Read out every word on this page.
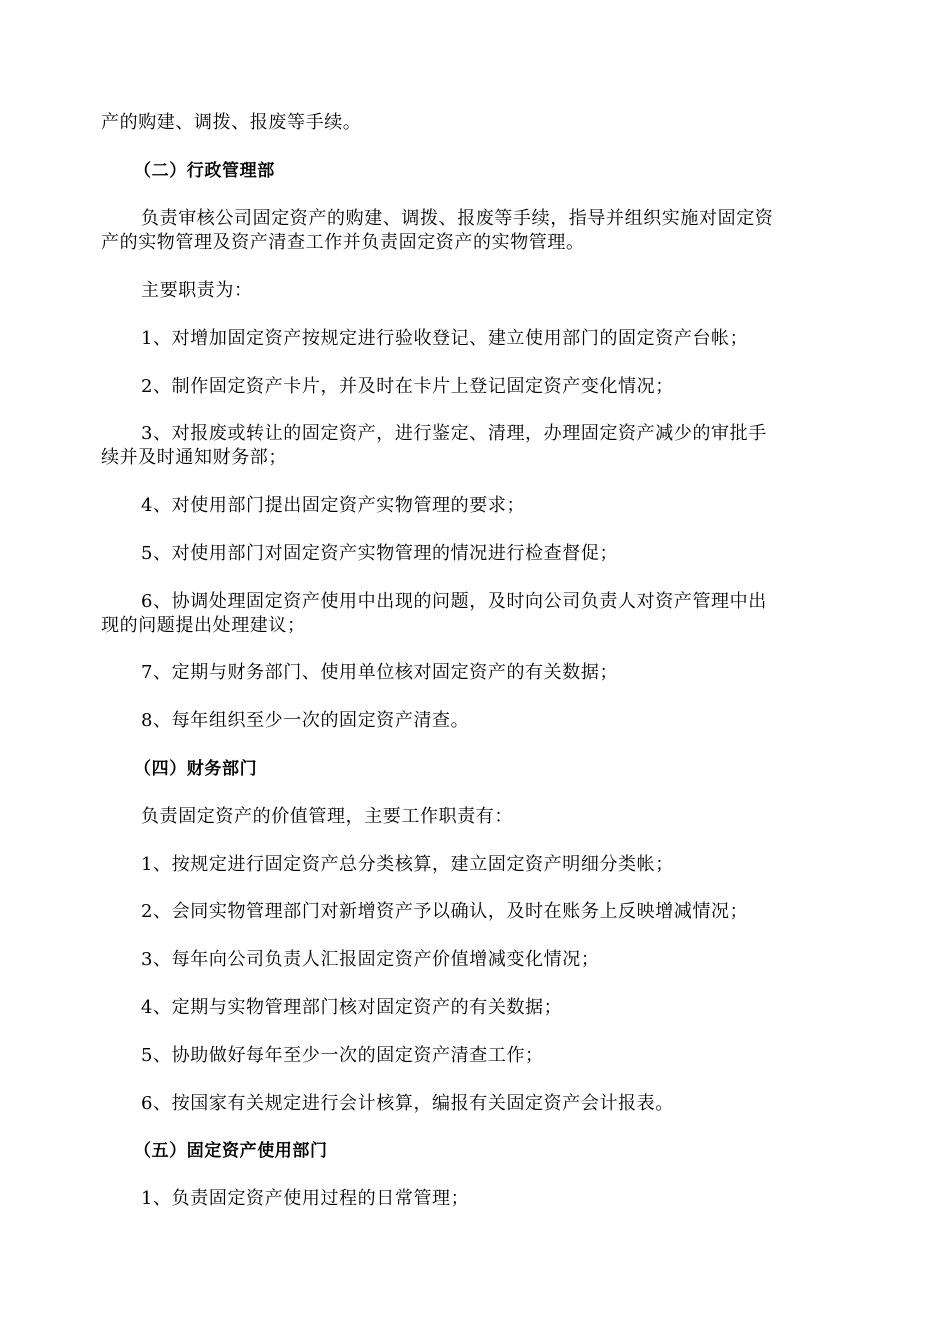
产的购建、调拨、报废等手续。
（二）行政管理部
负责审核公司固定资产的购建、调拨、报废等手续，指导并组织实施对固定资
产的实物管理及资产清查工作并负责固定资产的实物管理。
主要职责为：
1、对增加固定资产按规定进行验收登记、建立使用部门的固定资产台帐；
2、制作固定资产卡片，并及时在卡片上登记固定资产变化情况；
3、对报废或转让的固定资产，进行鉴定、清理，办理固定资产减少的审批手
续并及时通知财务部；
4、对使用部门提出固定资产实物管理的要求；
5、对使用部门对固定资产实物管理的情况进行检查督促；
6、协调处理固定资产使用中出现的问题，及时向公司负责人对资产管理中出
现的问题提出处理建议；
7、定期与财务部门、使用单位核对固定资产的有关数据；
8、每年组织至少一次的固定资产清查。
（四）财务部门
负责固定资产的价值管理，主要工作职责有：
1、按规定进行固定资产总分类核算，建立固定资产明细分类帐；
2、会同实物管理部门对新增资产予以确认，及时在账务上反映增减情况；
3、每年向公司负责人汇报固定资产价值增减变化情况；
4、定期与实物管理部门核对固定资产的有关数据；
5、协助做好每年至少一次的固定资产清查工作；
6、按国家有关规定进行会计核算，编报有关固定资产会计报表。
（五）固定资产使用部门
1、负责固定资产使用过程的日常管理；
